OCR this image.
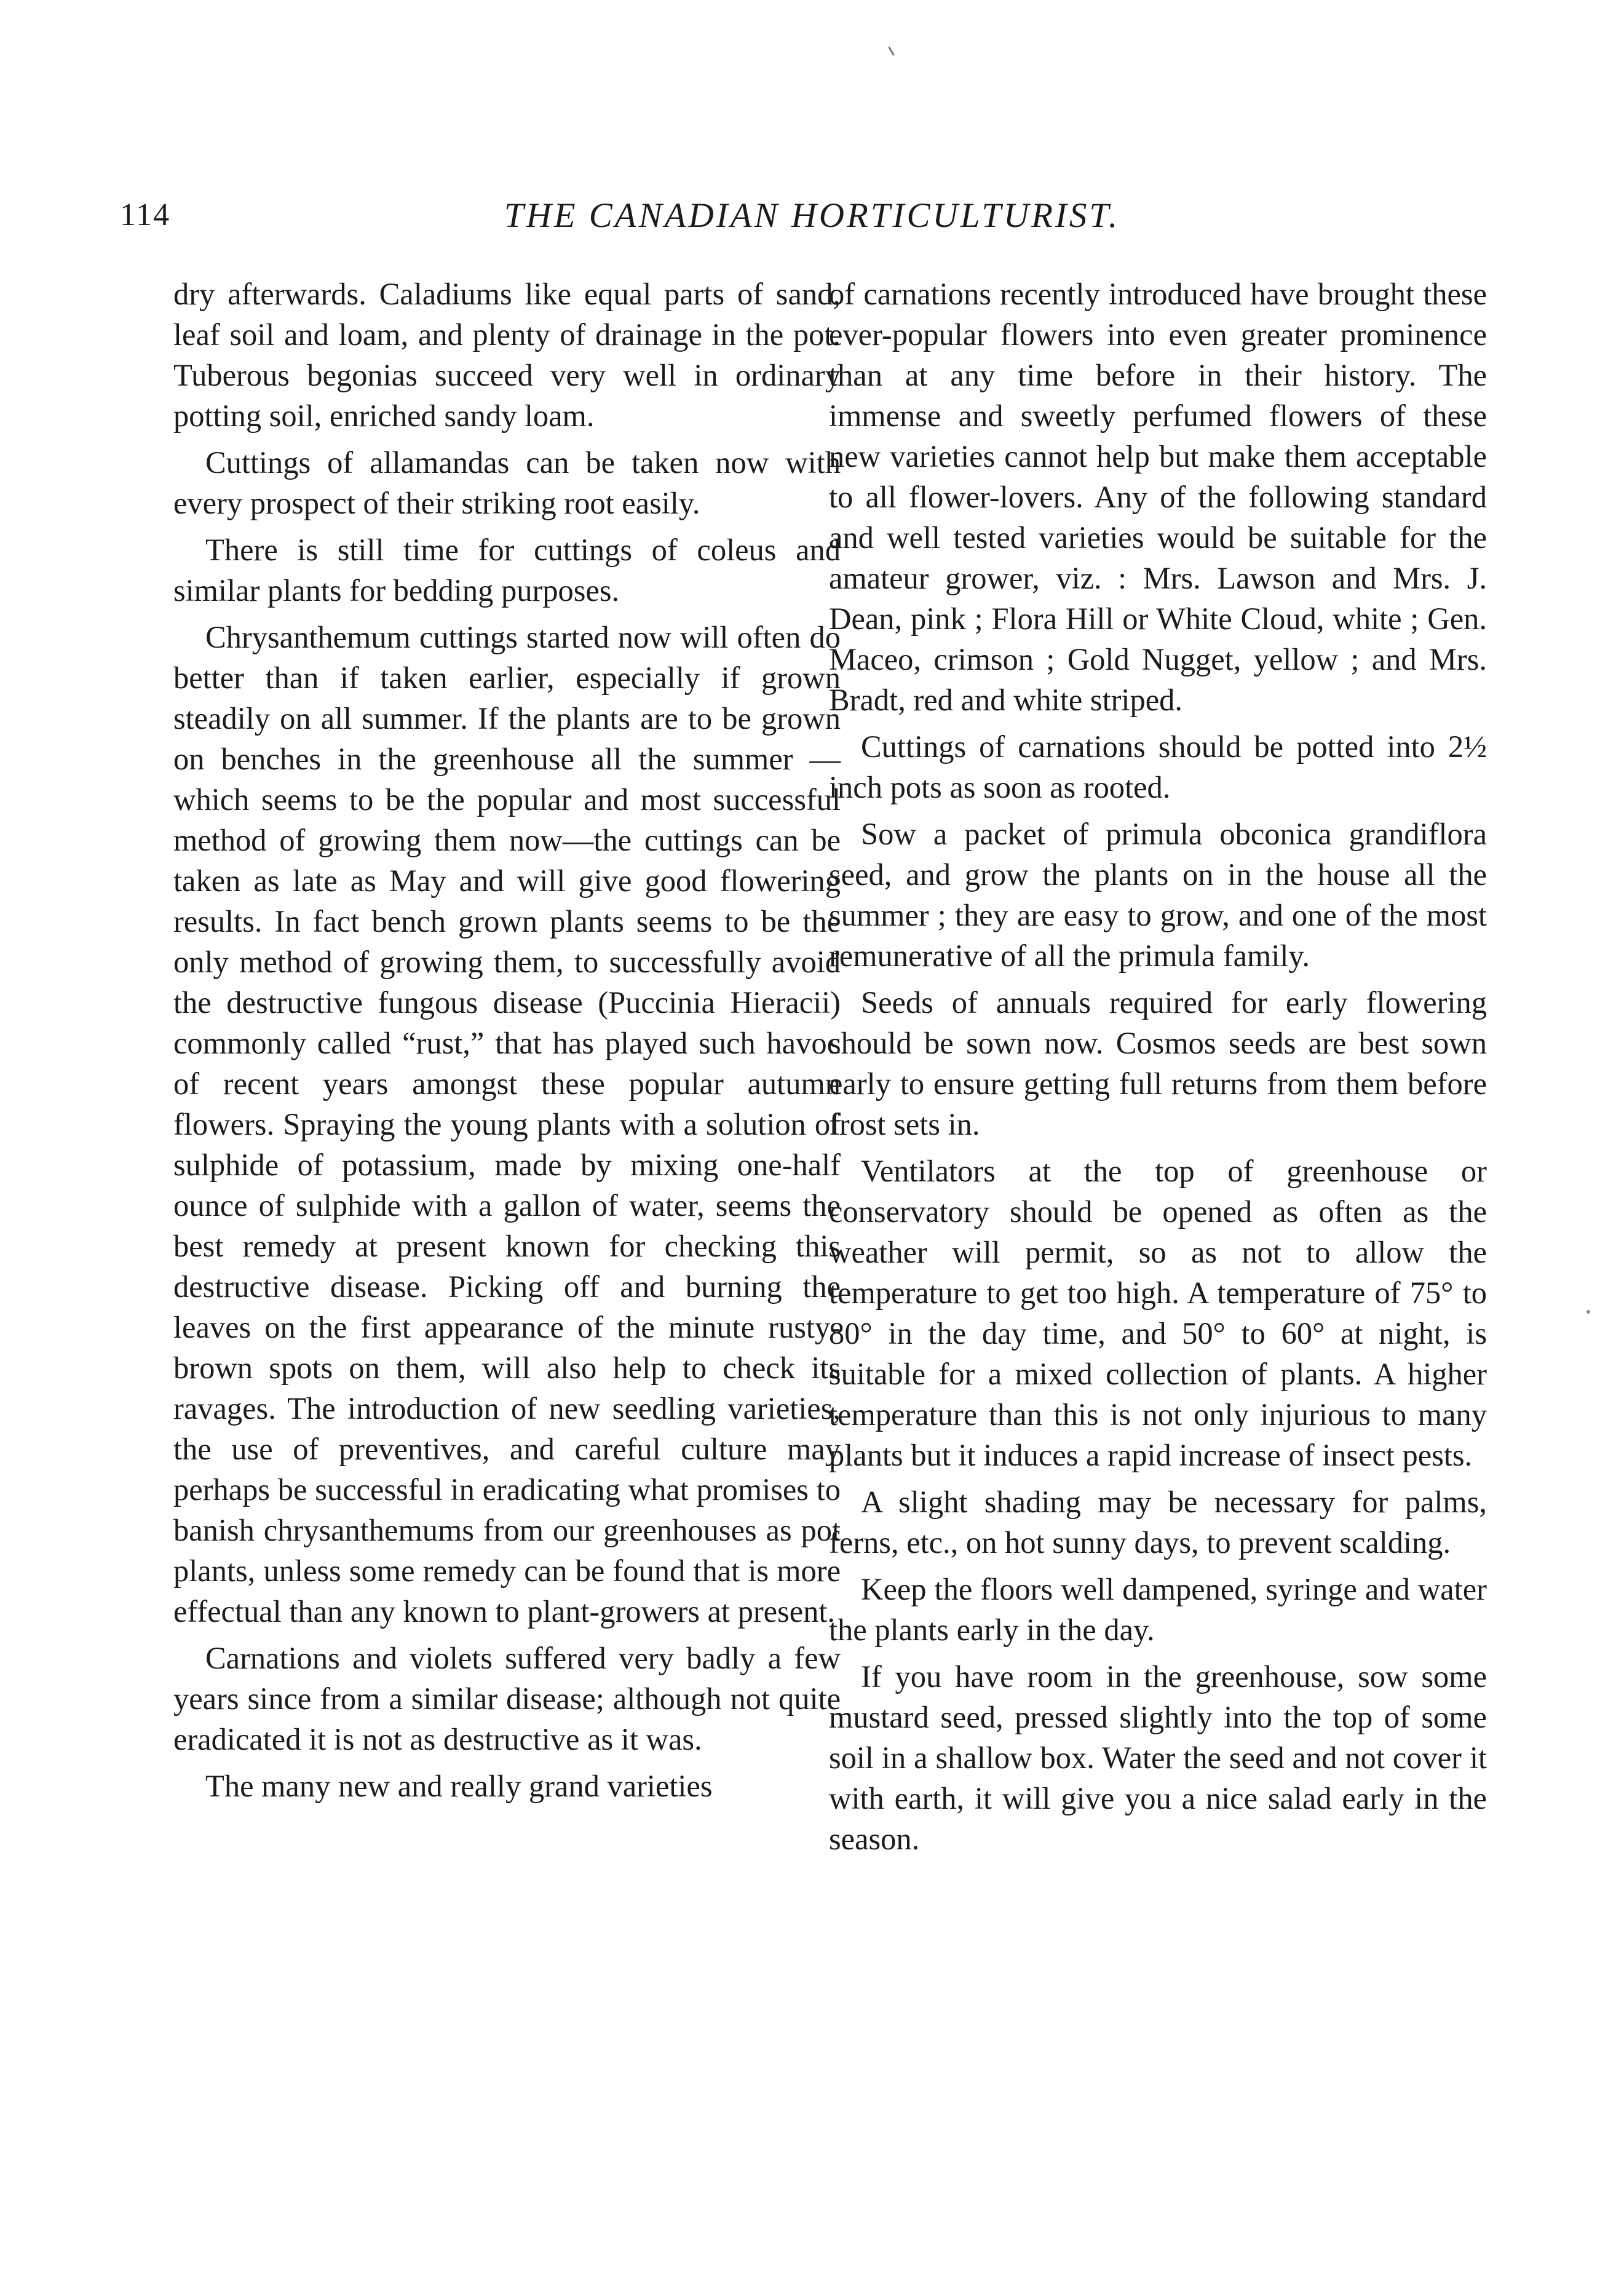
114	THE CANADIAN HORTICULTURIST.

dry afterwards. Caladiums like equal parts of sand, leaf soil and loam, and plenty of drainage in the pot. Tuberous begonias succeed very well in ordinary potting soil, enriched sandy loam.

Cuttings of allamandas can be taken now with every prospect of their striking root easily.

There is still time for cuttings of coleus and similar plants for bedding purposes.

Chrysanthemum cuttings started now will often do better than if taken earlier, especially if grown steadily on all summer. If the plants are to be grown on benches in the greenhouse all the summer — which seems to be the popular and most successful method of growing them now—the cuttings can be taken as late as May and will give good flowering results. In fact bench grown plants seems to be the only method of growing them, to successfully avoid the destructive fungous disease (Puccinia Hieracii) commonly called “rust,” that has played such havoc of recent years amongst these popular autumn flowers. Spraying the young plants with a solution of sulphide of potassium, made by mixing one-half ounce of sulphide with a gallon of water, seems the best remedy at present known for checking this destructive disease. Picking off and burning the leaves on the first appearance of the minute rusty-brown spots on them, will also help to check its ravages. The introduction of new seedling varieties, the use of preventives, and careful culture may perhaps be successful in eradicating what promises to banish chrysanthemums from our greenhouses as pot plants, unless some remedy can be found that is more effectual than any known to plant-growers at present.

Carnations and violets suffered very badly a few years since from a similar disease; although not quite eradicated it is not as destructive as it was.

The many new and really grand varieties

of carnations recently introduced have brought these ever-popular flowers into even greater prominence than at any time before in their history. The immense and sweetly perfumed flowers of these new varieties cannot help but make them acceptable to all flower-lovers. Any of the following standard and well tested varieties would be suitable for the amateur grower, viz. : Mrs. Lawson and Mrs. J. Dean, pink ; Flora Hill or White Cloud, white ; Gen. Maceo, crimson ; Gold Nugget, yellow ; and Mrs. Bradt, red and white striped.

Cuttings of carnations should be potted into 2½ inch pots as soon as rooted.

Sow a packet of primula obconica grandiflora seed, and grow the plants on in the house all the summer ; they are easy to grow, and one of the most remunerative of all the primula family.

Seeds of annuals required for early flowering should be sown now. Cosmos seeds are best sown early to ensure getting full returns from them before frost sets in.

Ventilators at the top of greenhouse or conservatory should be opened as often as the weather will permit, so as not to allow the temperature to get too high. A temperature of 75° to 80° in the day time, and 50° to 60° at night, is suitable for a mixed collection of plants. A higher temperature than this is not only injurious to many plants but it induces a rapid increase of insect pests.

A slight shading may be necessary for palms, ferns, etc., on hot sunny days, to prevent scalding.

Keep the floors well dampened, syringe and water the plants early in the day.

If you have room in the greenhouse, sow some mustard seed, pressed slightly into the top of some soil in a shallow box. Water the seed and not cover it with earth, it will give you a nice salad early in the season.
